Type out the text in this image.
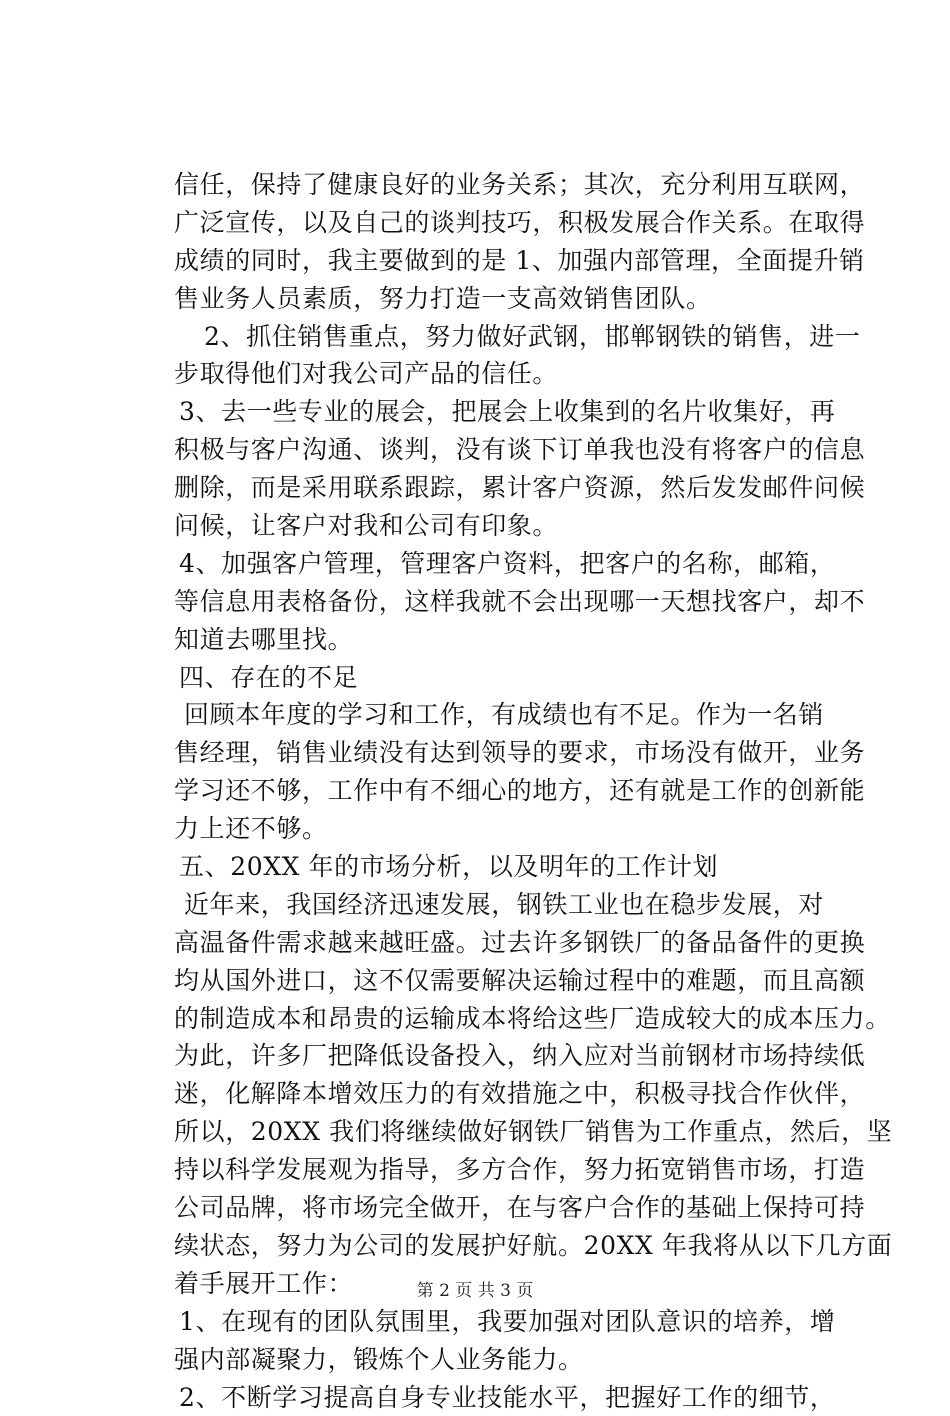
信任，保持了健康良好的业务关系；其次，充分利用互联网，
广泛宣传，以及自己的谈判技巧，积极发展合作关系。在取得
成绩的同时，我主要做到的是 1、加强内部管理，全面提升销
售业务人员素质，努力打造一支高效销售团队。
2、抓住销售重点，努力做好武钢，邯郸钢铁的销售，进一
步取得他们对我公司产品的信任。
3、去一些专业的展会，把展会上收集到的名片收集好，再
积极与客户沟通、谈判，没有谈下订单我也没有将客户的信息
删除，而是采用联系跟踪，累计客户资源，然后发发邮件问候
问候，让客户对我和公司有印象。
4、加强客户管理，管理客户资料，把客户的名称，邮箱，
等信息用表格备份，这样我就不会出现哪一天想找客户，却不
知道去哪里找。
四、存在的不足
回顾本年度的学习和工作，有成绩也有不足。作为一名销
售经理，销售业绩没有达到领导的要求，市场没有做开，业务
学习还不够，工作中有不细心的地方，还有就是工作的创新能
力上还不够。
五、20XX 年的市场分析，以及明年的工作计划
近年来，我国经济迅速发展，钢铁工业也在稳步发展，对
高温备件需求越来越旺盛。过去许多钢铁厂的备品备件的更换
均从国外进口，这不仅需要解决运输过程中的难题，而且高额
的制造成本和昂贵的运输成本将给这些厂造成较大的成本压力。
为此，许多厂把降低设备投入，纳入应对当前钢材市场持续低
迷，化解降本增效压力的有效措施之中，积极寻找合作伙伴，
所以，20XX 我们将继续做好钢铁厂销售为工作重点，然后，坚
持以科学发展观为指导，多方合作，努力拓宽销售市场，打造
公司品牌，将市场完全做开，在与客户合作的基础上保持可持
续状态，努力为公司的发展护好航。20XX 年我将从以下几方面
着手展开工作：
1、在现有的团队氛围里，我要加强对团队意识的培养，增
强内部凝聚力，锻炼个人业务能力。
2、不断学习提高自身专业技能水平，把握好工作的细节，
第 2 页 共 3 页
